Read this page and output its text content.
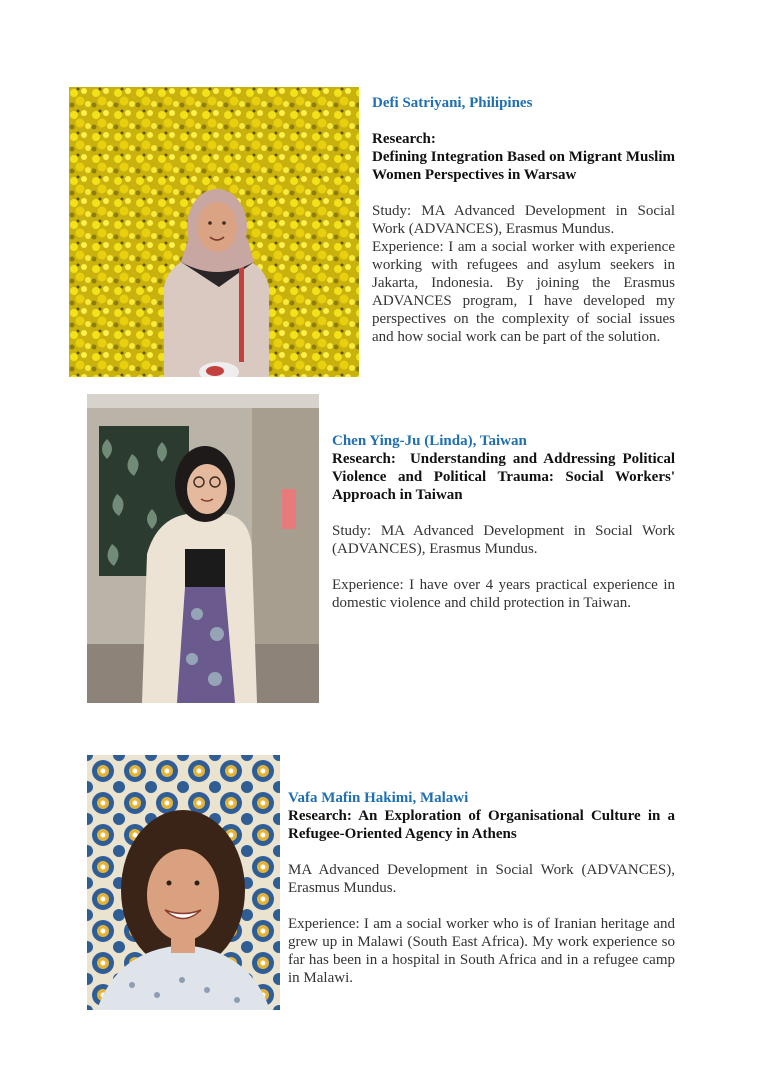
Defi Satriyani, Philipines

Research:

Defining Integration Based on Migrant Muslim Women Perspectives in Warsaw

Study: MA Advanced Development in Social Work (ADVANCES), Erasmus Mundus.

Experience: I am a social worker with experience working with refugees and asylum seekers in Jakarta, Indonesia. By joining the Erasmus ADVANCES program, I have developed my perspectives on the complexity of social issues and how social work can be part of the solution.

Chen Ying-Ju (Linda), Taiwan

Research: Understanding and Addressing Political Violence and Political Trauma: Social Workers' Approach in Taiwan

Study: MA Advanced Development in Social Work (ADVANCES), Erasmus Mundus.

Experience: I have over 4 years practical experience in domestic violence and child protection in Taiwan.

Vafa Mafin Hakimi, Malawi

Research: An Exploration of Organisational Culture in a Refugee-Oriented Agency in Athens

MA Advanced Development in Social Work (ADVANCES), Erasmus Mundus.

Experience: I am a social worker who is of Iranian heritage and grew up in Malawi (South East Africa). My work experience so far has been in a hospital in South Africa and in a refugee camp in Malawi.
